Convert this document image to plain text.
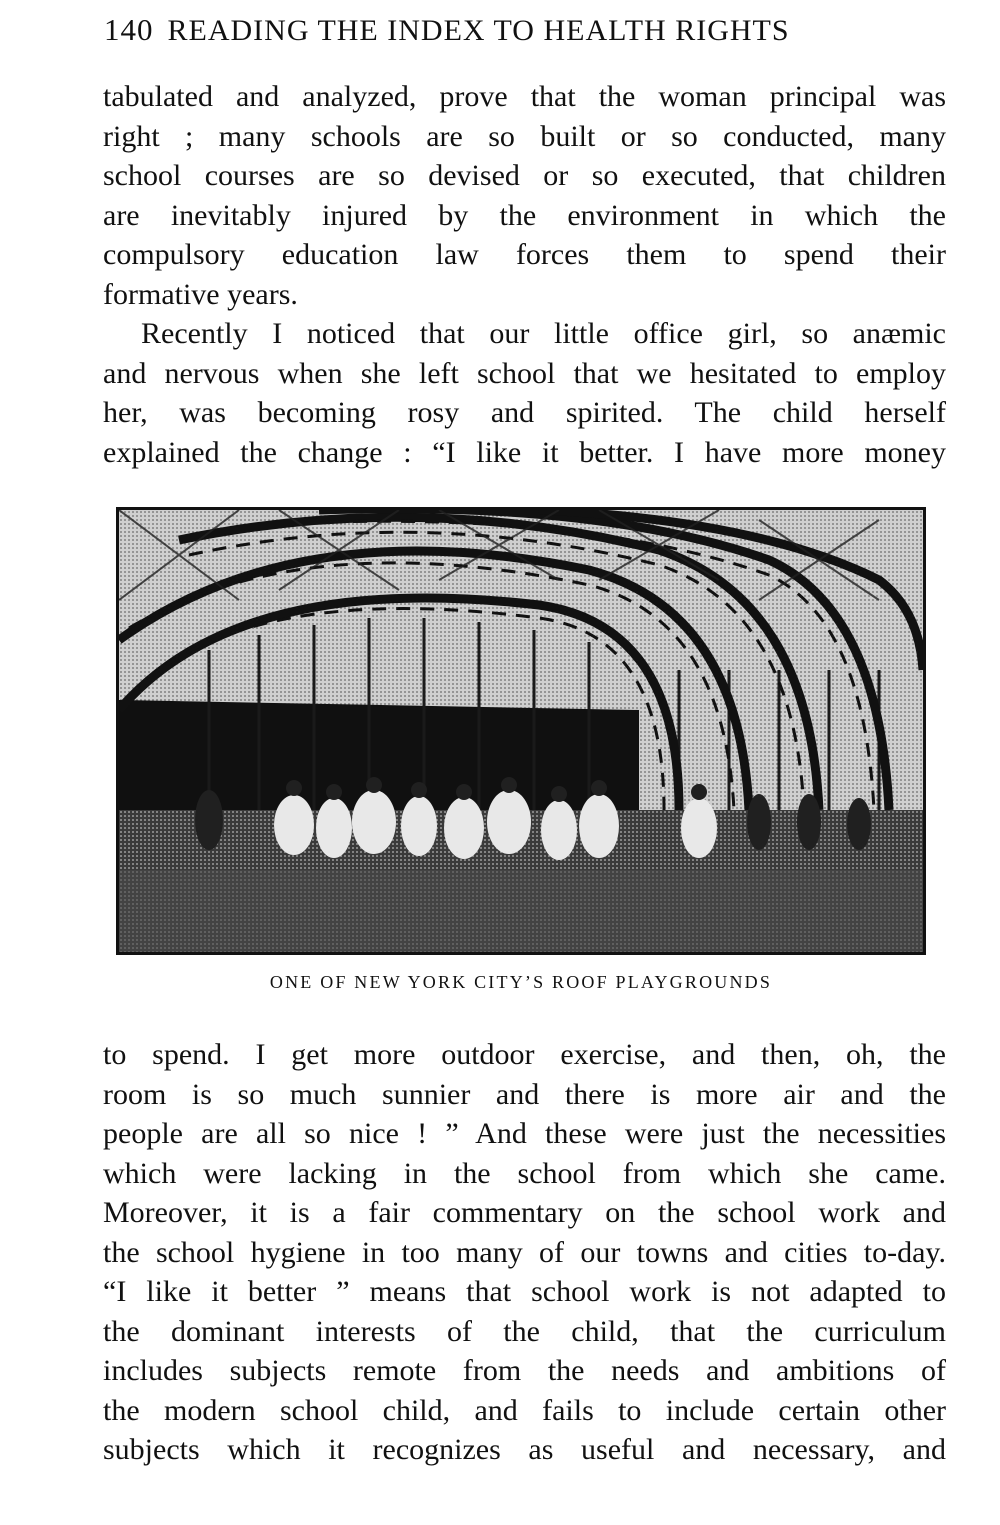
140 READING THE INDEX TO HEALTH RIGHTS
tabulated and analyzed, prove that the woman principal was
right ; many schools are so built or so conducted, many
school courses are so devised or so executed, that children
are inevitably injured by the environment in which the
compulsory education law forces them to spend their
formative years.
Recently I noticed that our little office girl, so anæmic
and nervous when she left school that we hesitated to employ
her, was becoming rosy and spirited. The child herself
explained the change : “I like it better. I have more money
ONE OF NEW YORK CITY’S ROOF PLAYGROUNDS
to spend. I get more outdoor exercise, and then, oh, the
room is so much sunnier and there is more air and the
people are all so nice ! ” And these were just the necessities
which were lacking in the school from which she came.
Moreover, it is a fair commentary on the school work and
the school hygiene in too many of our towns and cities to-day.
“I like it better ” means that school work is not adapted to
the dominant interests of the child, that the curriculum
includes subjects remote from the needs and ambitions of
the modern school child, and fails to include certain other
subjects which it recognizes as useful and necessary, and
